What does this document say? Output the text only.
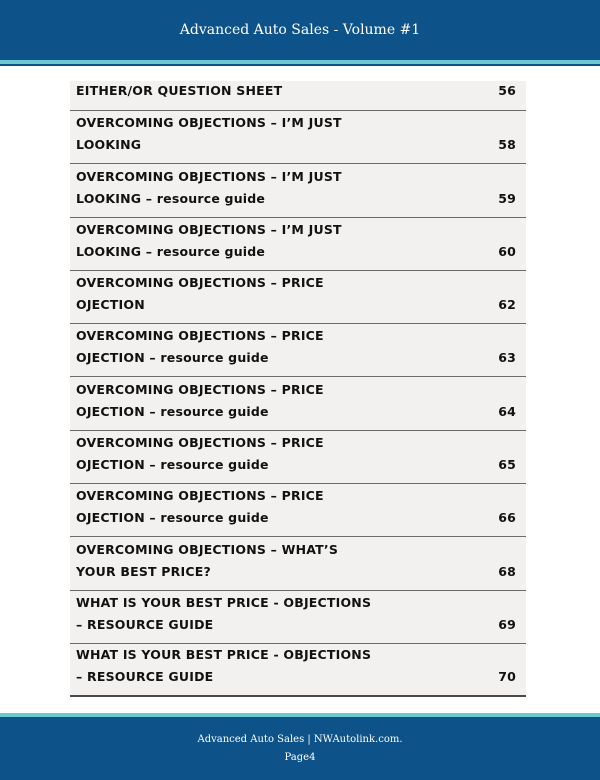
Advanced Auto Sales - Volume #1
EITHER/OR QUESTION SHEET	56
OVERCOMING OBJECTIONS – I’M JUST
LOOKING	58
OVERCOMING OBJECTIONS – I’M JUST
LOOKING – resource guide	59
OVERCOMING OBJECTIONS – I’M JUST
LOOKING – resource guide	60
OVERCOMING OBJECTIONS – PRICE
OJECTION	62
OVERCOMING OBJECTIONS – PRICE
OJECTION – resource guide	63
OVERCOMING OBJECTIONS – PRICE
OJECTION – resource guide	64
OVERCOMING OBJECTIONS – PRICE
OJECTION – resource guide	65
OVERCOMING OBJECTIONS – PRICE
OJECTION – resource guide	66
OVERCOMING OBJECTIONS – WHAT’S
YOUR BEST PRICE?	68
WHAT IS YOUR BEST PRICE - OBJECTIONS
– RESOURCE GUIDE	69
WHAT IS YOUR BEST PRICE - OBJECTIONS
– RESOURCE GUIDE	70
Advanced Auto Sales | NWAutolink.com.
Page4
